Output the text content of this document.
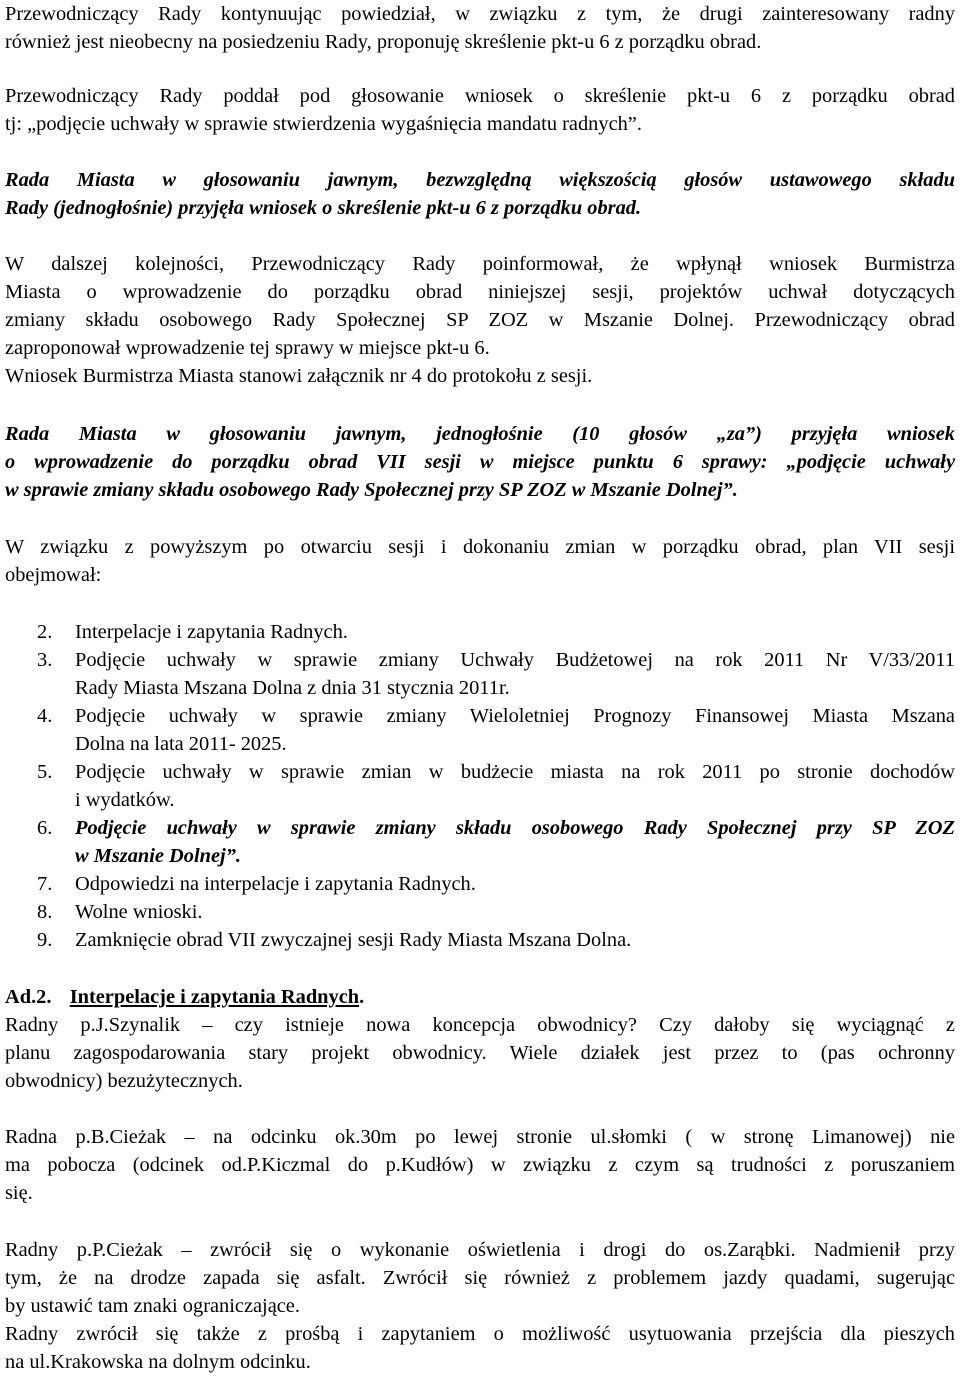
Przewodniczący Rady kontynuując powiedział, w związku z tym, że drugi zainteresowany radny
również jest nieobecny na posiedzeniu Rady, proponuję skreślenie pkt-u 6 z porządku obrad.
Przewodniczący Rady poddał pod głosowanie wniosek o skreślenie pkt-u 6 z porządku obrad
tj: „podjęcie uchwały w sprawie stwierdzenia wygaśnięcia mandatu radnych”.
Rada Miasta w głosowaniu jawnym, bezwzględną większością głosów ustawowego składu
Rady (jednogłośnie) przyjęła wniosek o skreślenie pkt-u 6 z porządku obrad.
W dalszej kolejności, Przewodniczący Rady poinformował, że wpłynął wniosek Burmistrza
Miasta o wprowadzenie do porządku obrad niniejszej sesji, projektów uchwał dotyczących
zmiany składu osobowego Rady Społecznej SP ZOZ w Mszanie Dolnej. Przewodniczący obrad
zaproponował wprowadzenie tej sprawy w miejsce pkt-u 6.
Wniosek Burmistrza Miasta stanowi załącznik nr 4 do protokołu z sesji.
Rada Miasta w głosowaniu jawnym, jednogłośnie (10 głosów „za”) przyjęła wniosek
o wprowadzenie do porządku obrad VII sesji w miejsce punktu 6 sprawy: „podjęcie uchwały
w sprawie zmiany składu osobowego Rady Społecznej przy SP ZOZ w Mszanie Dolnej”.
W związku z powyższym po otwarciu sesji i dokonaniu zmian w porządku obrad, plan VII sesji
obejmował:
2. Interpelacje i zapytania Radnych.
3. Podjęcie uchwały w sprawie zmiany Uchwały Budżetowej na rok 2011 Nr V/33/2011
Rady Miasta Mszana Dolna z dnia 31 stycznia 2011r.
4. Podjęcie uchwały w sprawie zmiany Wieloletniej Prognozy Finansowej Miasta Mszana
Dolna na lata 2011- 2025.
5. Podjęcie uchwały w sprawie zmian w budżecie miasta na rok 2011 po stronie dochodów
i wydatków.
6. Podjęcie uchwały w sprawie zmiany składu osobowego Rady Społecznej przy SP ZOZ
w Mszanie Dolnej”.
7. Odpowiedzi na interpelacje i zapytania Radnych.
8. Wolne wnioski.
9. Zamknięcie obrad VII zwyczajnej sesji Rady Miasta Mszana Dolna.
Ad.2. Interpelacje i zapytania Radnych.
Radny p.J.Szynalik – czy istnieje nowa koncepcja obwodnicy? Czy dałoby się wyciągnąć z
planu zagospodarowania stary projekt obwodnicy. Wiele działek jest przez to (pas ochronny
obwodnicy) bezużytecznych.
Radna p.B.Cieżak – na odcinku ok.30m po lewej stronie ul.słomki ( w stronę Limanowej) nie
ma pobocza (odcinek od.P.Kiczmal do p.Kudłów) w związku z czym są trudności z poruszaniem
się.
Radny p.P.Cieżak – zwrócił się o wykonanie oświetlenia i drogi do os.Zarąbki. Nadmienił przy
tym, że na drodze zapada się asfalt. Zwrócił się również z problemem jazdy quadami, sugerując
by ustawić tam znaki ograniczające.
Radny zwrócił się także z prośbą i zapytaniem o możliwość usytuowania przejścia dla pieszych
na ul.Krakowska na dolnym odcinku.
